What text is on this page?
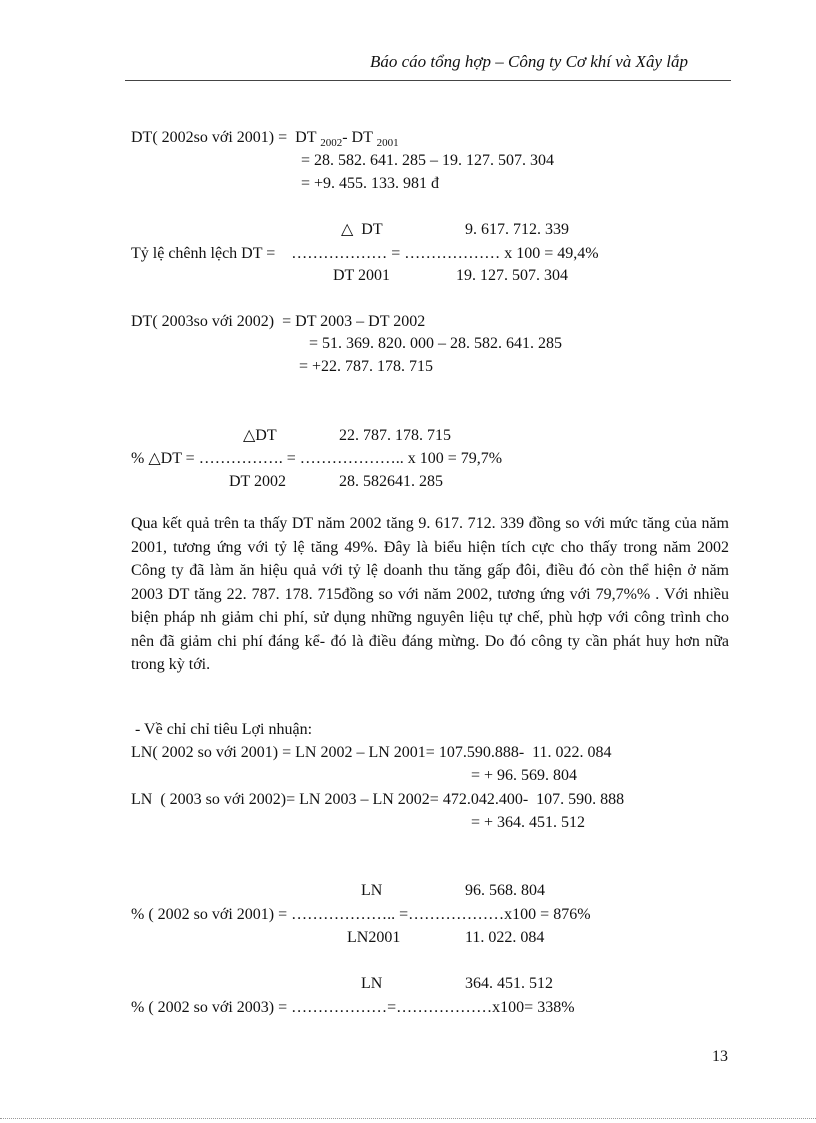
Báo cáo tổng hợp – Công ty Cơ khí và Xây lắp
DT( 2002so với 2001) =  DT $_{2002}$- DT $_{2001}$
= 28. 582. 641. 285 – 19. 127. 507. 304
= +9. 455. 133. 981 đ
△  DT	9. 617. 712. 339
Tỷ lệ chênh lệch DT =    ……………… = ……………… x 100 = 49,4%
DT 2001	19. 127. 507. 304
DT( 2003so với 2002)  = DT 2003 – DT 2002
= 51. 369. 820. 000 – 28. 582. 641. 285
= +22. 787. 178. 715
△DT	22. 787. 178. 715
% △DT = ……………. = ……………….. x 100 = 79,7%
DT 2002	28. 582641. 285
Qua kết quả trên ta thấy DT năm 2002 tăng 9. 617. 712. 339 đồng so với mức tăng của năm 2001, tương ứng với tỷ lệ tăng 49%. Đây là biểu hiện tích cực cho thấy trong năm 2002 Công ty đã làm ăn hiệu quả với tỷ lệ doanh thu tăng gấp đôi, điều đó còn thể hiện ở năm 2003 DT tăng 22. 787. 178. 715đồng so với năm 2002, tương ứng với 79,7%% . Với nhiều biện pháp nh giảm chi phí, sử dụng những nguyên liệu tự chế, phù hợp với công trình cho nên đã giảm chi phí đáng kể- đó là điều đáng mừng. Do đó công ty cần phát huy hơn nữa trong kỳ tới.
- Về chỉ chỉ tiêu Lợi nhuận:
LN( 2002 so với 2001) = LN 2002 – LN 2001= 107.590.888-  11. 022. 084
= + 96. 569. 804
LN  ( 2003 so với 2002)= LN 2003 – LN 2002= 472.042.400-  107. 590. 888
= + 364. 451. 512
LN	96. 568. 804
% ( 2002 so với 2001) = ……………….. =………………x100 = 876%
LN2001	11. 022. 084
LN	364. 451. 512
% ( 2002 so với 2003) = ………………=………………x100= 338%
13
